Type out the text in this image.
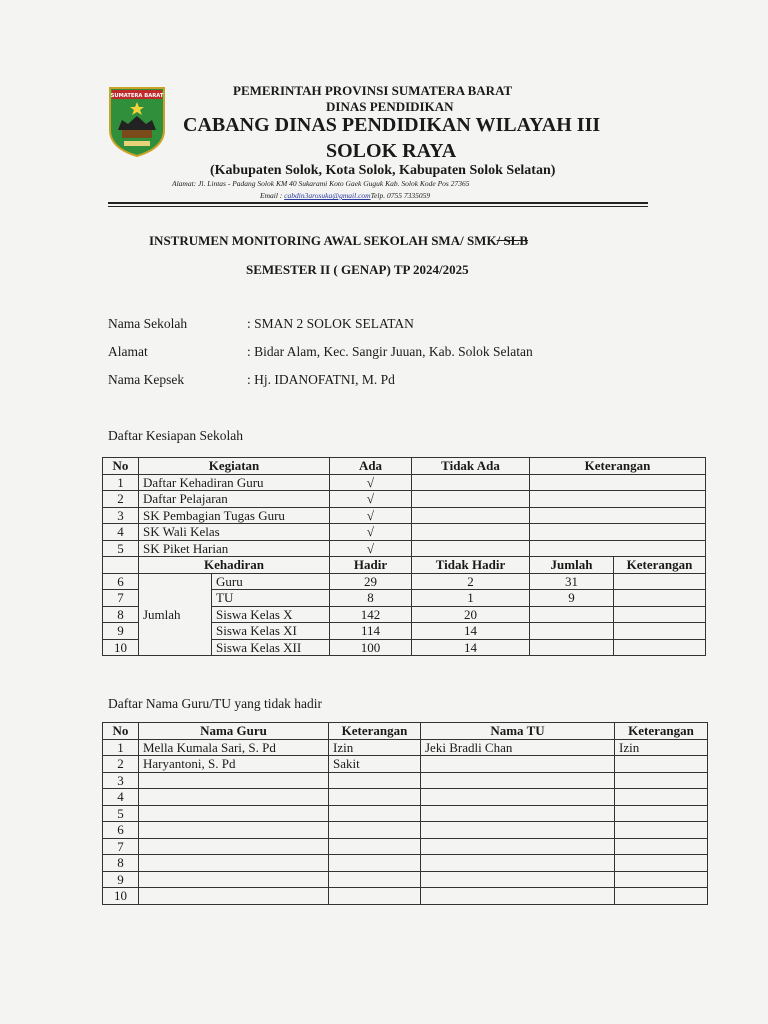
SUMATERA BARAT	PEMERINTAH PROVINSI SUMATERA BARAT
DINAS PENDIDIKAN
CABANG DINAS PENDIDIKAN WILAYAH III
SOLOK RAYA
(Kabupaten Solok, Kota Solok, Kabupaten Solok Selatan)
Alamat: Jl. Lintas - Padang Solok KM 40 Sukarami Koto Gaek Guguk Kab. Solok Kode Pos 27365
Email : cabdin3arosuka@gmail.comTelp. 0755 7335059
INSTRUMEN MONITORING AWAL SEKOLAH SMA/ SMK/ SLB
SEMESTER II ( GENAP) TP 2024/2025
Nama Sekolah	: SMAN 2 SOLOK SELATAN
Alamat	: Bidar Alam, Kec. Sangir Juuan, Kab. Solok Selatan
Nama Kepsek	: Hj. IDANOFATNI, M. Pd
Daftar Kesiapan Sekolah
No	Kegiatan		Ada	Tidak Ada	Keterangan	
1	Daftar Kehadiran Guru		√			
2	Daftar Pelajaran		√			
3	SK Pembagian Tugas Guru		√			
4	SK Wali Kelas		√			
5	SK Piket Harian		√			
	Kehadiran		Hadir	Tidak Hadir	Jumlah	Keterangan
6	Jumlah	Guru	29	2	31	
7		TU	8	1	9	
8		Siswa Kelas X	142	20		
9		Siswa Kelas XI	114	14		
10		Siswa Kelas XII	100	14		
Daftar Nama Guru/TU yang tidak hadir
No	Nama Guru	Keterangan	Nama TU	Keterangan
1	Mella Kumala Sari, S. Pd	Izin	Jeki Bradli Chan	Izin
2	Haryantoni, S. Pd	Sakit		
3				
4				
5				
6				
7				
8				
9				
10				
